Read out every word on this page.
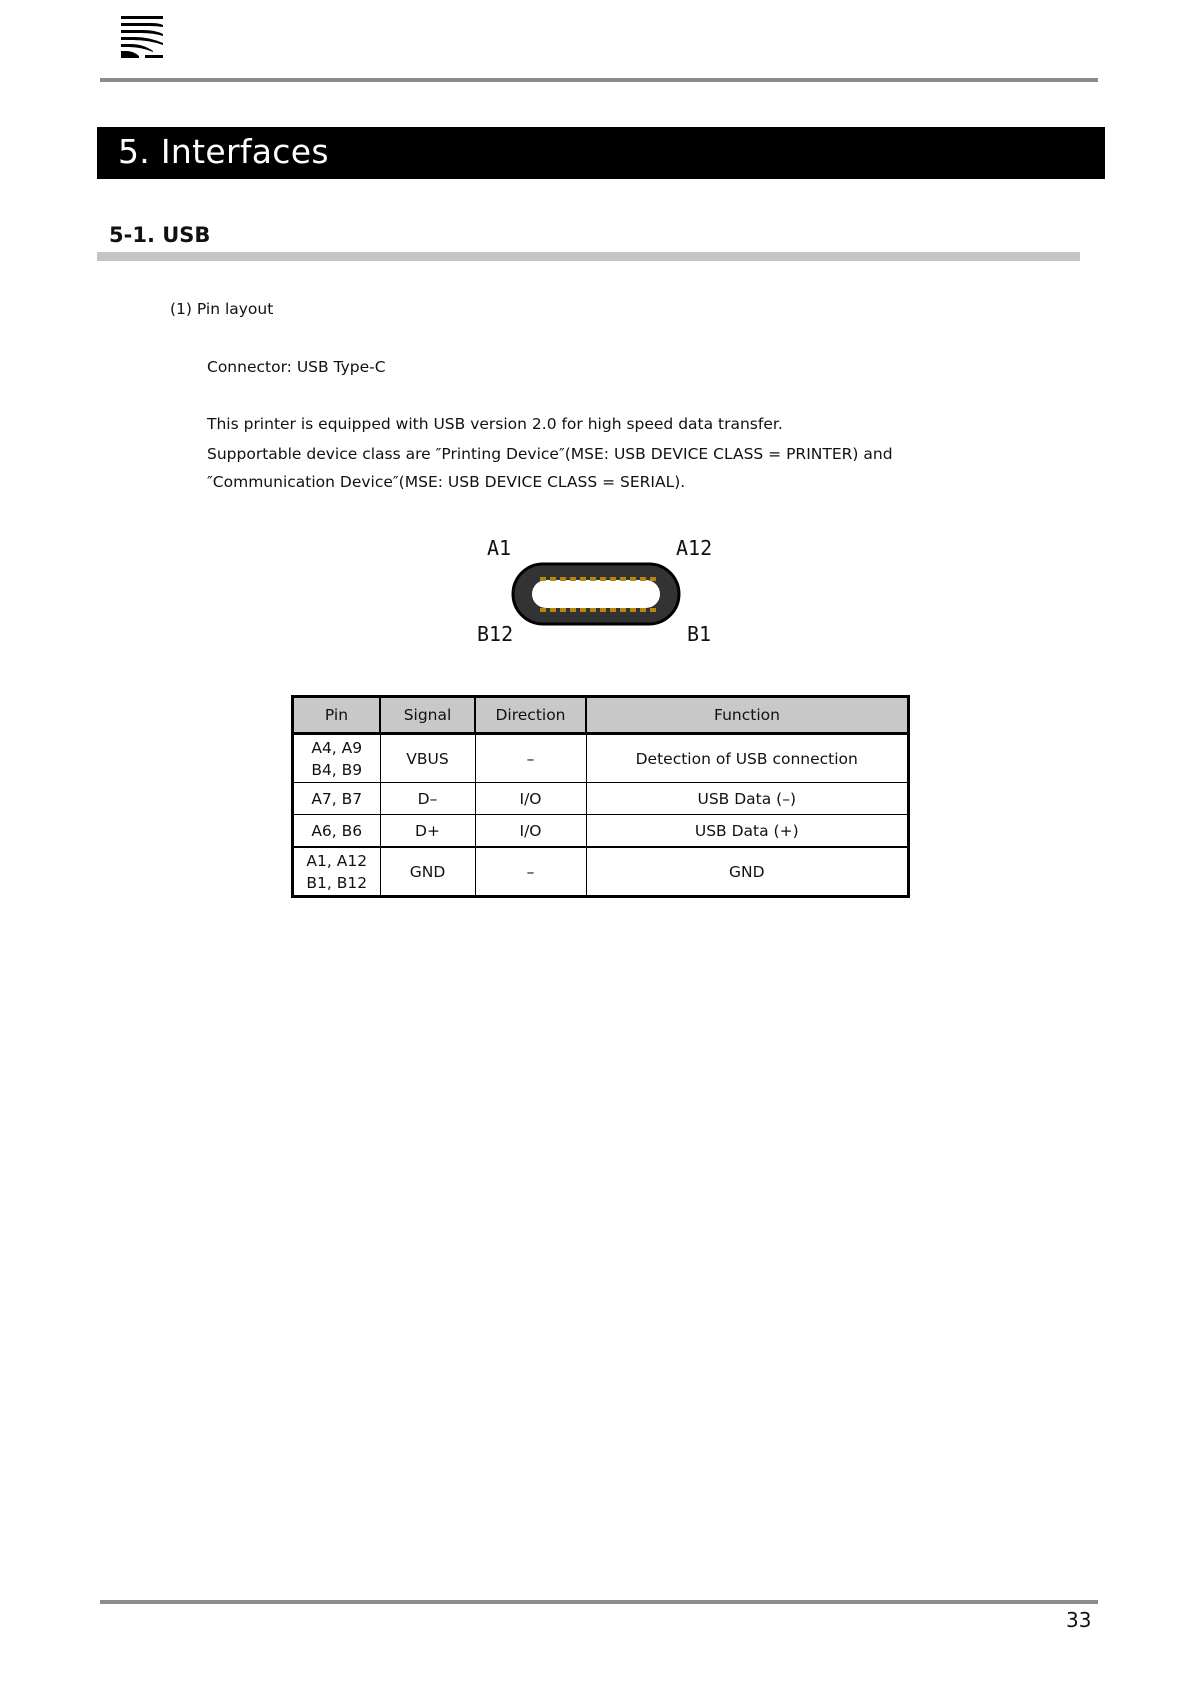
5. Interfaces
5-1. USB
(1) Pin layout
Connector: USB Type-C
This printer is equipped with USB version 2.0 for high speed data transfer.
Supportable device class are ″Printing Device″(MSE: USB DEVICE CLASS = PRINTER) and
″Communication Device″(MSE: USB DEVICE CLASS = SERIAL).
A1	A12
B12	B1
Pin	Signal	Direction	Function

A4, A9
B4, B9	VBUS	–	Detection of USB connection
A7, B7	D–	I/O	USB Data (–)
A6, B6	D+	I/O	USB Data (+)

A1, A12
B1, B12	GND	–	GND
33
